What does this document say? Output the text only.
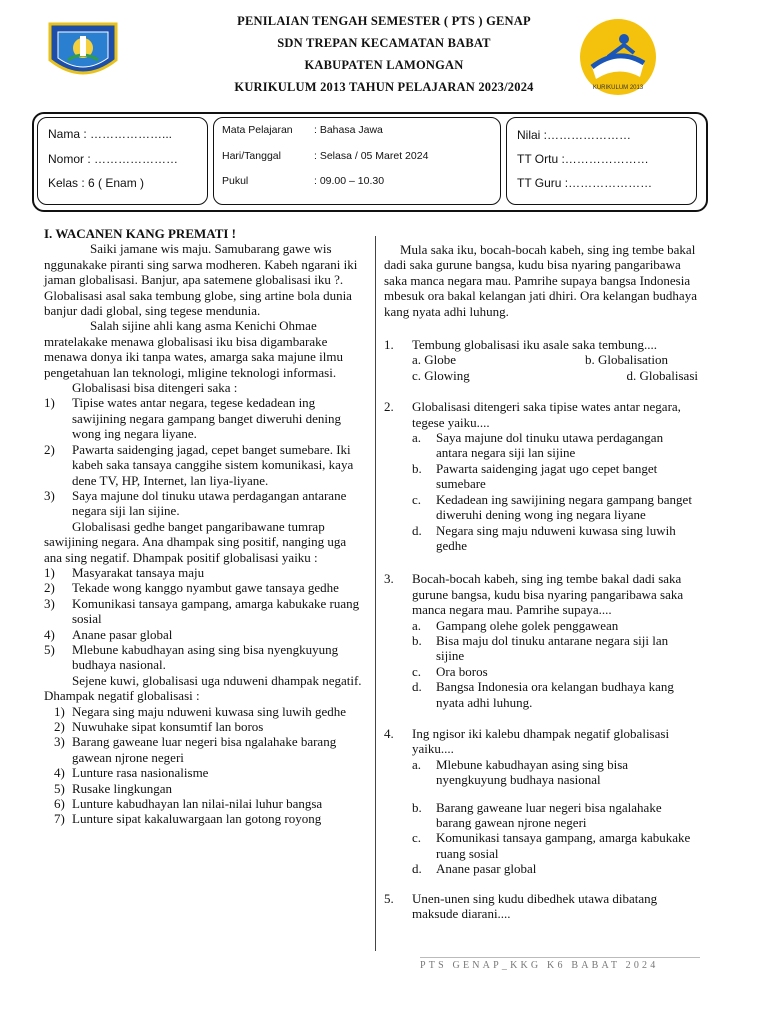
KURIKULUM 2013
PENILAIAN TENGAH SEMESTER ( PTS ) GENAP
SDN TREPAN KECAMATAN BABAT
KABUPATEN LAMONGAN
KURIKULUM 2013 TAHUN PELAJARAN 2023/2024
Nama : ………………...
Nomor : …………………
Kelas : 6 ( Enam )
Mata Pelajaran : Bahasa Jawa
Hari/Tanggal	: Selasa / 05 Maret 2024
Pukul	: 09.00 – 10.30
Nilai :…………………
TT Ortu :…………………
TT Guru :…………………

I. WACANEN KANG PREMATI !

Saiki jamane wis maju. Samubarang gawe wis nggunakake piranti sing sarwa modheren. Kabeh ngarani iki jaman globalisasi. Banjur, apa satemene globalisasi iku ?. Globalisasi asal saka tembung globe, sing artine bola dunia banjur dadi global, sing tegese mendunia.

Salah sijine ahli kang asma Kenichi Ohmae mratelakake menawa globalisasi iku bisa digambarake menawa donya iki tanpa wates, amarga saka majune ilmu pengetahuan lan teknologi, mligine teknologi informasi.

Globalisasi bisa ditengeri saka :

1) Tipise wates antar negara, tegese kedadean ing sawijining negara gampang banget diweruhi dening wong ing negara liyane.
2) Pawarta saidenging jagad, cepet banget sumebare. Iki kabeh saka tansaya canggihe sistem komunikasi, kaya dene TV, HP, Internet, lan liya-liyane.
3) Saya majune dol tinuku utawa perdagangan antarane negara siji lan sijine.

Globalisasi gedhe banget pangaribawane tumrap sawijining negara. Ana dhampak sing positif, nanging uga ana sing negatif. Dhampak positif globalisasi yaiku :

1) Masyarakat tansaya maju
2) Tekade wong kanggo nyambut gawe tansaya gedhe
3) Komunikasi tansaya gampang, amarga kabukake ruang sosial
4) Anane pasar global
5) Mlebune kabudhayan asing sing bisa nyengkuyung budhaya nasional.

Sejene kuwi, globalisasi uga nduweni dhampak negatif. Dhampak negatif globalisasi :

1) Negara sing maju nduweni kuwasa sing luwih gedhe
2) Nuwuhake sipat konsumtif lan boros
3) Barang gaweane luar negeri bisa ngalahake barang gawean njrone negeri
4) Lunture rasa nasionalisme
5) Rusake lingkungan
6) Lunture kabudhayan lan nilai-nilai luhur bangsa
7) Lunture sipat kakaluwargaan lan gotong royong

Mula saka iku, bocah-bocah kabeh, sing ing tembe bakal dadi saka gurune bangsa, kudu bisa nyaring pangaribawa saka manca negara mau. Pamrihe supaya bangsa Indonesia mbesuk ora bakal kelangan jati dhiri. Ora kelangan budhaya kang nyata adhi luhung.

1. Tembung globalisasi iku asale saka tembung....
a. Globe	b. Globalisation
c. Glowing	d. Globalisasi
2. Globalisasi ditengeri saka tipise wates antar negara, tegese yaiku....
a. Saya majune dol tinuku utawa perdagangan antara negara siji lan sijine
b. Pawarta saidenging jagat ugo cepet banget sumebare
c. Kedadean ing sawijining negara gampang banget diweruhi dening wong ing negara liyane
d. Negara sing maju nduweni kuwasa sing luwih gedhe
3. Bocah-bocah kabeh, sing ing tembe bakal dadi saka gurune bangsa, kudu bisa nyaring pangaribawa saka manca negara mau. Pamrihe supaya....
a. Gampang olehe golek penggawean
b. Bisa maju dol tinuku antarane negara siji lan sijine
c. Ora boros
d. Bangsa Indonesia ora kelangan budhaya kang nyata adhi luhung.
4. Ing ngisor iki kalebu dhampak negatif globalisasi yaiku....
a. Mlebune kabudhayan asing sing bisa nyengkuyung budhaya nasional
b. Barang gaweane luar negeri bisa ngalahake barang gawean njrone negeri
c. Komunikasi tansaya gampang, amarga kabukake ruang sosial
d. Anane pasar global
5. Unen-unen sing kudu dibedhek utawa dibatang maksude diarani....
PTS GENAP_KKG K6 BABAT 2024
